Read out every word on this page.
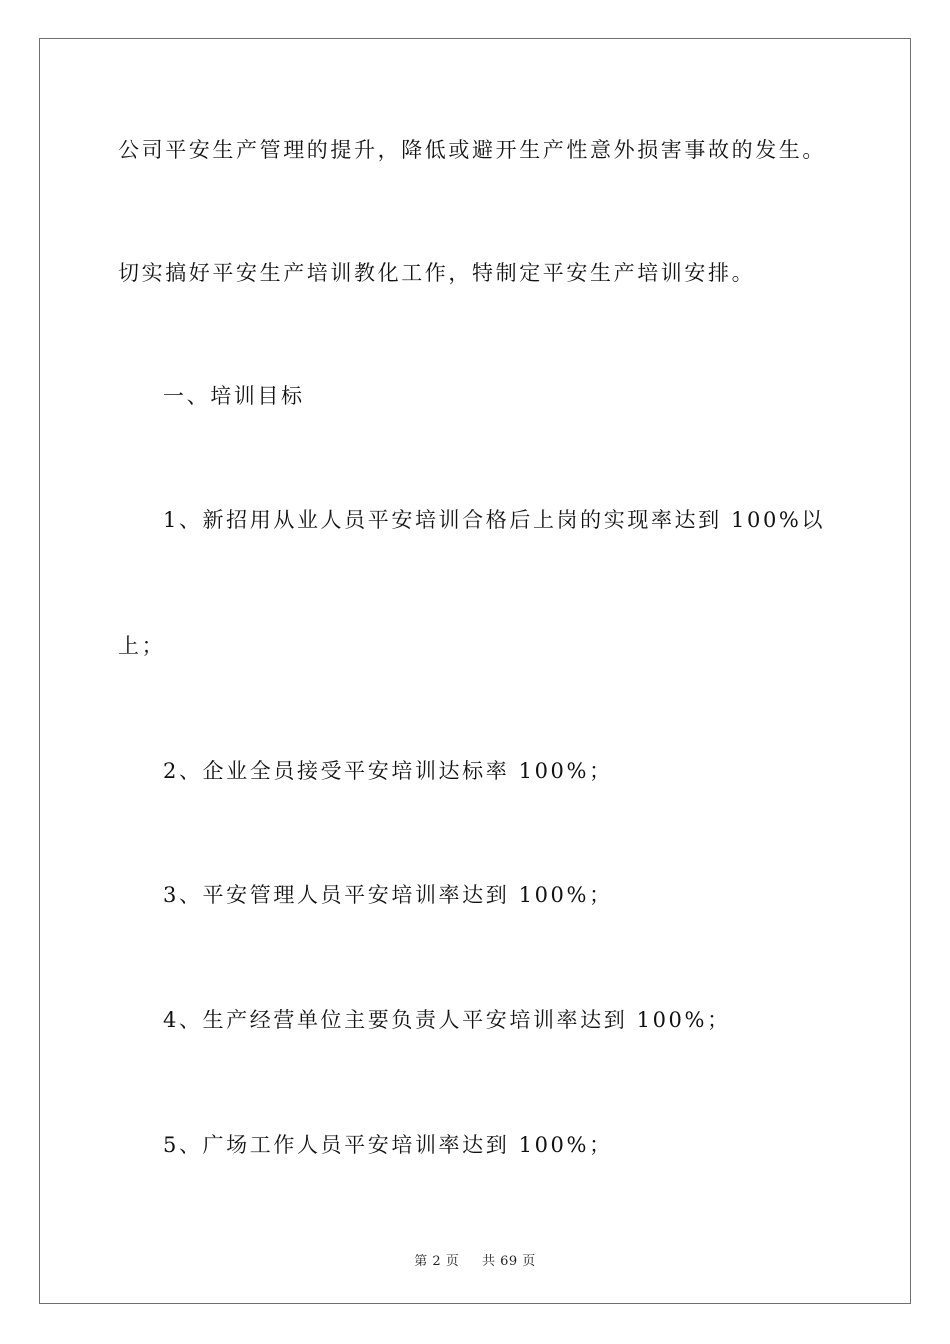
公司平安生产管理的提升，降低或避开生产性意外损害事故的发生。
切实搞好平安生产培训教化工作，特制定平安生产培训安排。
一、培训目标
1、新招用从业人员平安培训合格后上岗的实现率达到 100%以
上；
2、企业全员接受平安培训达标率 100%；
3、平安管理人员平安培训率达到 100%；
4、生产经营单位主要负责人平安培训率达到 100%；
5、广场工作人员平安培训率达到 100%；
第 2 页 共 69 页
